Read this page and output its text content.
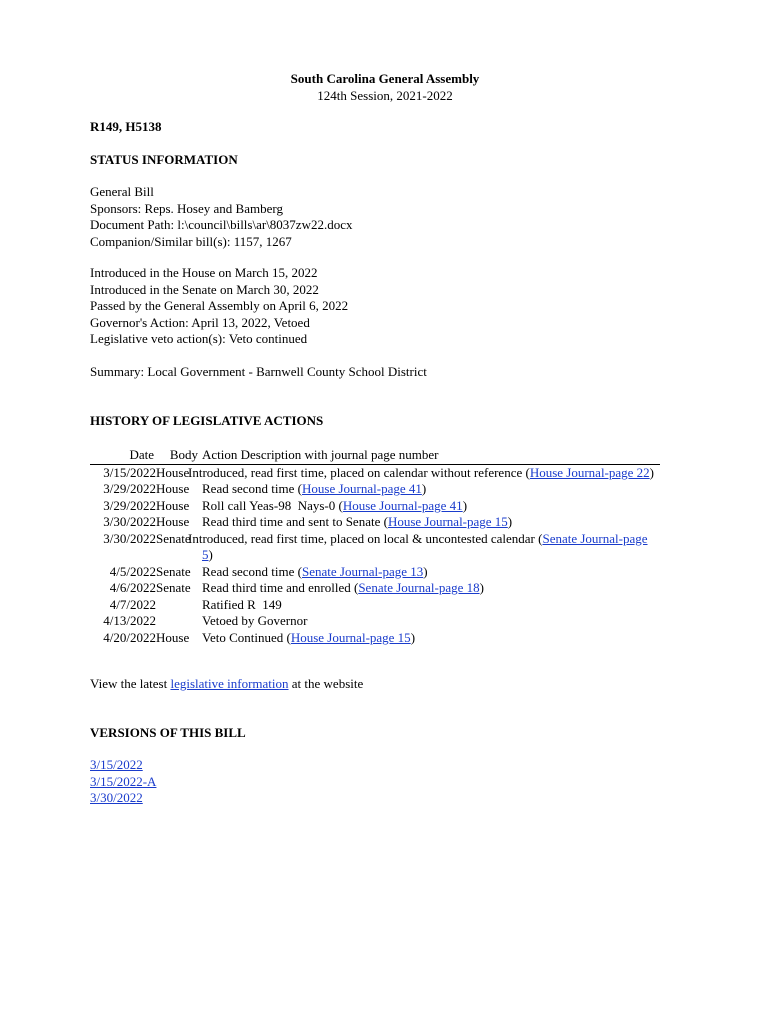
South Carolina General Assembly
124th Session, 2021-2022
R149, H5138
STATUS INFORMATION
General Bill
Sponsors: Reps. Hosey and Bamberg
Document Path: l:\council\bills\ar\8037zw22.docx
Companion/Similar bill(s): 1157, 1267
Introduced in the House on March 15, 2022
Introduced in the Senate on March 30, 2022
Passed by the General Assembly on April 6, 2022
Governor's Action: April 13, 2022, Vetoed
Legislative veto action(s): Veto continued
Summary: Local Government - Barnwell County School District
HISTORY OF LEGISLATIVE ACTIONS
Date	Body	Action Description with journal page number
3/15/2022	House	Introduced, read first time, placed on calendar without reference (House Journal-page 22)
3/29/2022	House	Read second time (House Journal-page 41)
3/29/2022	House	Roll call Yeas-98  Nays-0 (House Journal-page 41)
3/30/2022	House	Read third time and sent to Senate (House Journal-page 15)
3/30/2022	Senate	Introduced, read first time, placed on local & uncontested calendar (Senate Journal-page 5)
4/5/2022	Senate	Read second time (Senate Journal-page 13)
4/6/2022	Senate	Read third time and enrolled (Senate Journal-page 18)
4/7/2022		Ratified R  149
4/13/2022		Vetoed by Governor
4/20/2022	House	Veto Continued (House Journal-page 15)
View the latest legislative information at the website
VERSIONS OF THIS BILL
3/15/2022
3/15/2022-A
3/30/2022
